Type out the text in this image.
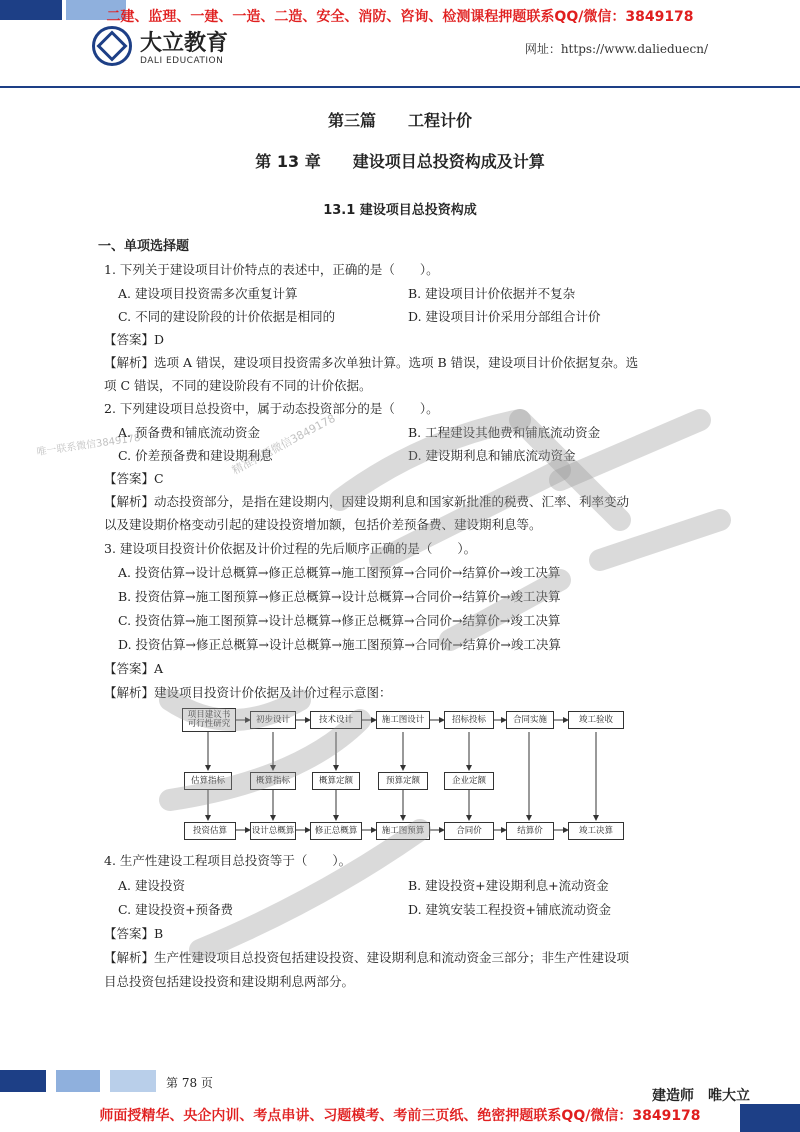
二建、监理、一建、一造、二造、安全、消防、咨询、检测课程押题联系QQ/微信：3849178
大立教育
DALI EDUCATION
网址：https://www.dalieduecn/
第三篇　　工程计价
第 13 章　　建设项目总投资构成及计算
13.1 建设项目总投资构成
一、单项选择题
1. 下列关于建设项目计价特点的表述中，正确的是（　　）。
A. 建设项目投资需多次重复计算	B. 建设项目计价依据并不复杂
C. 不同的建设阶段的计价依据是相同的	D. 建设项目计价采用分部组合计价
【答案】D
【解析】选项 A 错误，建设项目投资需多次单独计算。选项 B 错误，建设项目计价依据复杂。选
项 C 错误，不同的建设阶段有不同的计价依据。
2. 下列建设项目总投资中，属于动态投资部分的是（　　）。
A. 预备费和铺底流动资金	B. 工程建设其他费和铺底流动资金
C. 价差预备费和建设期利息	D. 建设期利息和铺底流动资金
【答案】C
【解析】动态投资部分，是指在建设期内，因建设期利息和国家新批准的税费、汇率、利率变动
以及建设期价格变动引起的建设投资增加额，包括价差预备费、建设期利息等。
3. 建设项目投资计价依据及计价过程的先后顺序正确的是（　　）。
A. 投资估算→设计总概算→修正总概算→施工图预算→合同价→结算价→竣工决算
B. 投资估算→施工图预算→修正总概算→设计总概算→合同价→结算价→竣工决算
C. 投资估算→施工图预算→设计总概算→修正总概算→合同价→结算价→竣工决算
D. 投资估算→修正总概算→设计总概算→施工图预算→合同价→结算价→竣工决算
【答案】A
【解析】建设项目投资计价依据及计价过程示意图：
项目建议书
可行性研究	初步设计	技术设计	施工图设计	招标投标	合同实施	竣工验收
估算指标	概算指标	概算定额	预算定额	企业定额
投资估算	设计总概算	修正总概算	施工图预算	合同价	结算价	竣工决算
4. 生产性建设工程项目总投资等于（　　）。
A. 建设投资	B. 建设投资+建设期利息+流动资金
C. 建设投资+预备费	D. 建筑安装工程投资+铺底流动资金
【答案】B
【解析】生产性建设项目总投资包括建设投资、建设期利息和流动资金三部分；非生产性建设项
目总投资包括建设投资和建设期利息两部分。
唯一联系微信3849178	精准押题微信3849178
第 78 页
建造师　唯大立
师面授精华、央企内训、考点串讲、习题模考、考前三页纸、绝密押题联系QQ/微信：3849178
